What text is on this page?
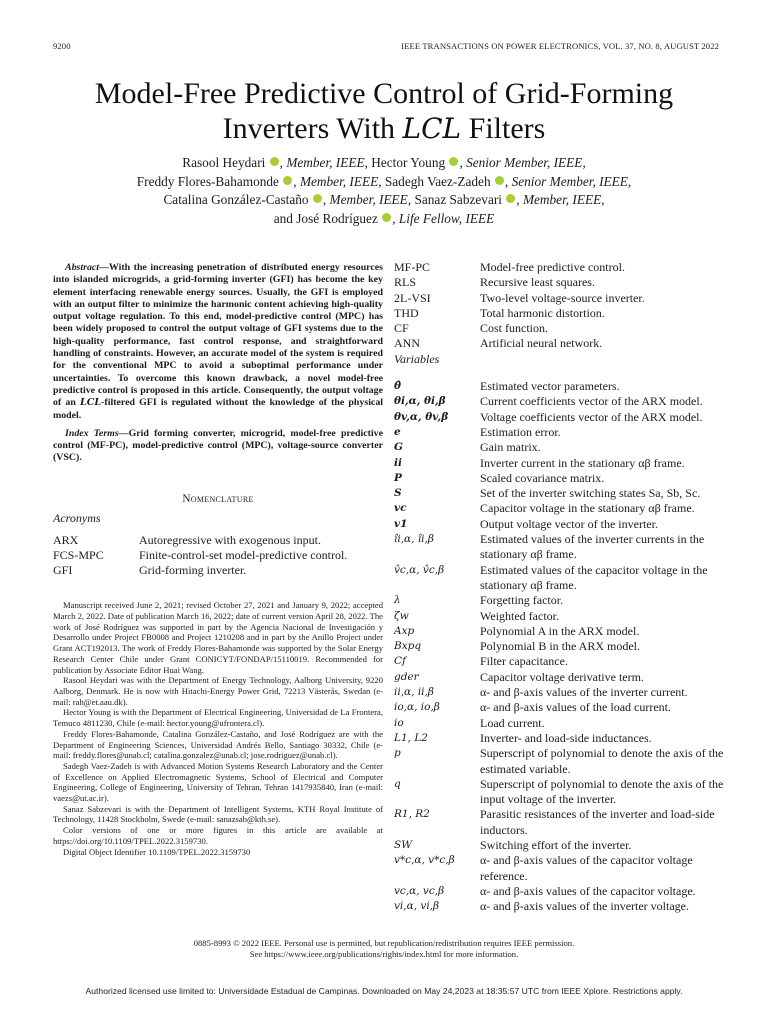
9200	IEEE TRANSACTIONS ON POWER ELECTRONICS, VOL. 37, NO. 8, AUGUST 2022
Model-Free Predictive Control of Grid-Forming
Inverters With LCL Filters
Rasool Heydari , Member, IEEE, Hector Young , Senior Member, IEEE,
Freddy Flores-Bahamonde , Member, IEEE, Sadegh Vaez-Zadeh , Senior Member, IEEE,
Catalina González-Castaño , Member, IEEE, Sanaz Sabzevari , Member, IEEE,
and José Rodríguez , Life Fellow, IEEE

Abstract—With the increasing penetration of distributed energy resources into islanded microgrids, a grid-forming inverter (GFI) has become the key element interfacing renewable energy sources. Usually, the GFI is employed with an output filter to minimize the harmonic content achieving high-quality output voltage regulation. To this end, model-predictive control (MPC) has been widely proposed to control the output voltage of GFI systems due to the high-quality performance, fast control response, and straightforward handling of constraints. However, an accurate model of the system is required for the conventional MPC to avoid a suboptimal performance under uncertainties. To overcome this known drawback, a novel model-free predictive control is proposed in this article. Consequently, the output voltage of an LCL-filtered GFI is regulated without the knowledge of the physical model.

Index Terms—Grid forming converter, microgrid, model-free predictive control (MF-PC), model-predictive control (MPC), voltage-source converter (VSC).

Nomenclature
Acronyms
ARX	Autoregressive with exogenous input.
FCS-MPC	Finite-control-set model-predictive control.
GFI	Grid-forming inverter.

Manuscript received June 2, 2021; revised October 27, 2021 and January 9, 2022; accepted March 2, 2022. Date of publication March 16, 2022; date of current version April 28, 2022. The work of José Rodríguez was supported in part by the Agencia Nacional de Investigación y Desarrollo under Project FB0008 and Project 1210208 and in part by the Anillo Project under Grant ACT192013. The work of Freddy Flores-Bahamonde was supported by the Solar Energy Research Center Chile under Grant CONICYT/FONDAP/15110019. Recommended for publication by Associate Editor Huai Wang.

Rasool Heydari was with the Department of Energy Technology, Aalborg University, 9220 Aalborg, Denmark. He is now with Hitachi-Energy Power Grid, 72213 Västerås, Swedan (e-mail: rah@et.aau.dk).

Hector Young is with the Department of Electrical Engineering, Universidad de La Frontera, Temuco 4811230, Chile (e-mail: hector.young@ufrontera.cl).

Freddy Flores-Bahamonde, Catalina González-Castaño, and José Rodríguez are with the Department of Engineering Sciences, Universidad Andrés Bello, Santiago 30332, Chile (e-mail: freddy.flores@unab.cl; catalina.gonzalez@unab.cl; jose.rodriguez@unab.cl).

Sadegh Vaez-Zadeh is with Advanced Motion Systems Research Laboratory and the Center of Excellence on Applied Electromagnetic Systems, School of Electrical and Computer Engineering, College of Engineering, University of Tehran, Tehran 1417935840, Iran (e-mail: vaezs@ut.ac.ir).

Sanaz Sabzevari is with the Department of Intelligent Systems, KTH Royal Institute of Technology, 11428 Stockholm, Swede (e-mail: sanazsab@kth.se).

Color versions of one or more figures in this article are available at https://doi.org/10.1109/TPEL.2022.3159730.

Digital Object Identifier 10.1109/TPEL.2022.3159730

MF-PC	Model-free predictive control.
RLS	Recursive least squares.
2L-VSI	Two-level voltage-source inverter.
THD	Total harmonic distortion.
CF	Cost function.
ANN	Artificial neural network.
Variables
θ̂	Estimated vector parameters.
θi,α, θi,β	Current coefficients vector of the ARX model.
θv,α, θv,β	Voltage coefficients vector of the ARX model.
e	Estimation error.
G	Gain matrix.
ii	Inverter current in the stationary αβ frame.
P	Scaled covariance matrix.
S	Set of the inverter switching states Sa, Sb, Sc.
vc	Capacitor voltage in the stationary αβ frame.
v1	Output voltage vector of the inverter.
îi,α, îi,β	Estimated values of the inverter currents in the stationary αβ frame.
v̂c,α, v̂c,β	Estimated values of the capacitor voltage in the stationary αβ frame.
λ	Forgetting factor.
ζw	Weighted factor.
Axp	Polynomial A in the ARX model.
Bxpq	Polynomial B in the ARX model.
Cf	Filter capacitance.
gder	Capacitor voltage derivative term.
ii,α, ii,β	α- and β-axis values of the inverter current.
io,α, io,β	α- and β-axis values of the load current.
io	Load current.
L1, L2	Inverter- and load-side inductances.
p	Superscript of polynomial to denote the axis of the estimated variable.
q	Superscript of polynomial to denote the axis of the input voltage of the inverter.
R1, R2	Parasitic resistances of the inverter and load-side inductors.
SW	Switching effort of the inverter.
v*c,α, v*c,β	α- and β-axis values of the capacitor voltage reference.
vc,α, vc,β	α- and β-axis values of the capacitor voltage.
vi,α, vi,β	α- and β-axis values of the inverter voltage.
0885-8993 © 2022 IEEE. Personal use is permitted, but republication/redistribution requires IEEE permission.
See https://www.ieee.org/publications/rights/index.html for more information.
Authorized licensed use limited to: Universidade Estadual de Campinas. Downloaded on May 24,2023 at 18:35:57 UTC from IEEE Xplore. Restrictions apply.
